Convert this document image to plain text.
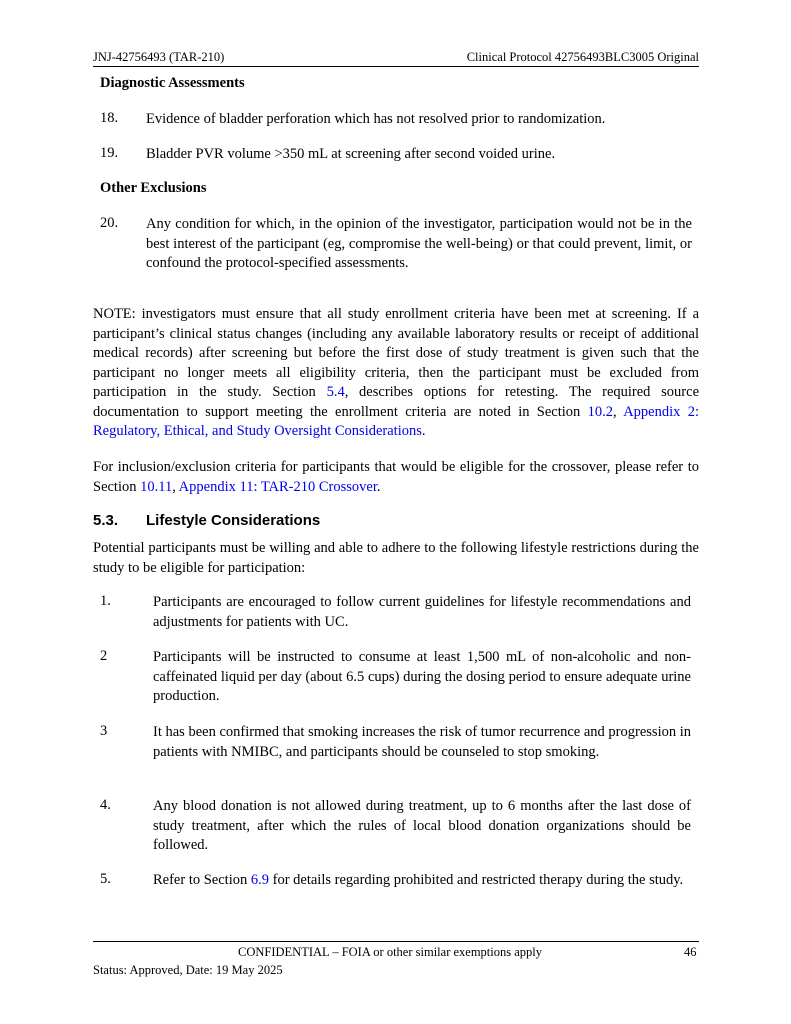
JNJ-42756493 (TAR-210)	Clinical Protocol 42756493BLC3005 Original
Diagnostic Assessments
18. Evidence of bladder perforation which has not resolved prior to randomization.
19. Bladder PVR volume >350 mL at screening after second voided urine.
Other Exclusions
20. Any condition for which, in the opinion of the investigator, participation would not be in the best interest of the participant (eg, compromise the well-being) or that could prevent, limit, or confound the protocol-specified assessments.
NOTE: investigators must ensure that all study enrollment criteria have been met at screening. If a participant’s clinical status changes (including any available laboratory results or receipt of additional medical records) after screening but before the first dose of study treatment is given such that the participant no longer meets all eligibility criteria, then the participant must be excluded from participation in the study. Section 5.4, describes options for retesting. The required source documentation to support meeting the enrollment criteria are noted in Section 10.2, Appendix 2: Regulatory, Ethical, and Study Oversight Considerations.
For inclusion/exclusion criteria for participants that would be eligible for the crossover, please refer to Section 10.11, Appendix 11: TAR-210 Crossover.
5.3. Lifestyle Considerations
Potential participants must be willing and able to adhere to the following lifestyle restrictions during the study to be eligible for participation:
1.	Participants are encouraged to follow current guidelines for lifestyle recommendations and adjustments for patients with UC.
2	Participants will be instructed to consume at least 1,500 mL of non-alcoholic and non-caffeinated liquid per day (about 6.5 cups) during the dosing period to ensure adequate urine production.
3	It has been confirmed that smoking increases the risk of tumor recurrence and progression in patients with NMIBC, and participants should be counseled to stop smoking.
4.	Any blood donation is not allowed during treatment, up to 6 months after the last dose of study treatment, after which the rules of local blood donation organizations should be followed.
5.	Refer to Section 6.9 for details regarding prohibited and restricted therapy during the study.
CONFIDENTIAL – FOIA or other similar exemptions apply	46
Status: Approved, Date: 19 May 2025
